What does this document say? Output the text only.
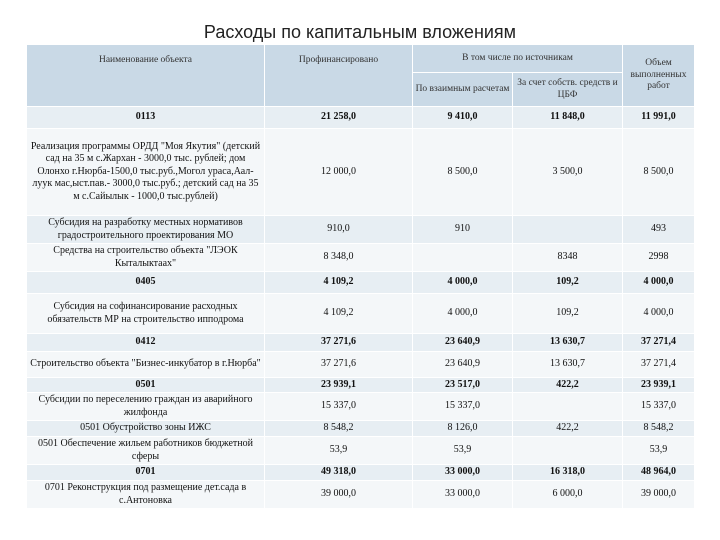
Расходы по капитальным вложениям
Наименование объекта	Профинансировано	В том числе по источникам		Объем выполненных работ
		По взаимным расчетам	За счет собств. средств и ЦБФ	
0113	21 258,0	9 410,0	11 848,0	11 991,0
Реализация программы ОРДД "Моя Якутия" (детский сад на 35 м с.Жархан - 3000,0 тыс. рублей; дом Олонхо г.Нюрба-1500,0 тыс.руб.,Могол ураса,Аал-луук мас,ыст.пав.- 3000,0 тыс.руб.; детский сад на 35 м с.Сайылык - 1000,0 тыс.рублей)	12 000,0	8 500,0	3 500,0	8 500,0
Субсидия на разработку местных нормативов градостроительного проектирования МО	910,0	910		493
Средства на строительство объекта "ЛЭОК Кыталыктаах"	8 348,0		8348	2998
0405	4 109,2	4 000,0	109,2	4 000,0
Субсидия на софинансирование расходных обязательств МР на строительство ипподрома	4 109,2	4 000,0	109,2	4 000,0
0412	37 271,6	23 640,9	13 630,7	37 271,4
Строительство объекта "Бизнес-инкубатор в г.Нюрба"	37 271,6	23 640,9	13 630,7	37 271,4
0501	23 939,1	23 517,0	422,2	23 939,1
Субсидии по переселению граждан из аварийного жилфонда	15 337,0	15 337,0		15 337,0
0501 Обустройство зоны ИЖС	8 548,2	8 126,0	422,2	8 548,2
0501 Обеспечение жильем работников бюджетной сферы	53,9	53,9		53,9
0701	49 318,0	33 000,0	16 318,0	48 964,0
0701 Реконструкция под размещение дет.сада в с.Антоновка	39 000,0	33 000,0	6 000,0	39 000,0
